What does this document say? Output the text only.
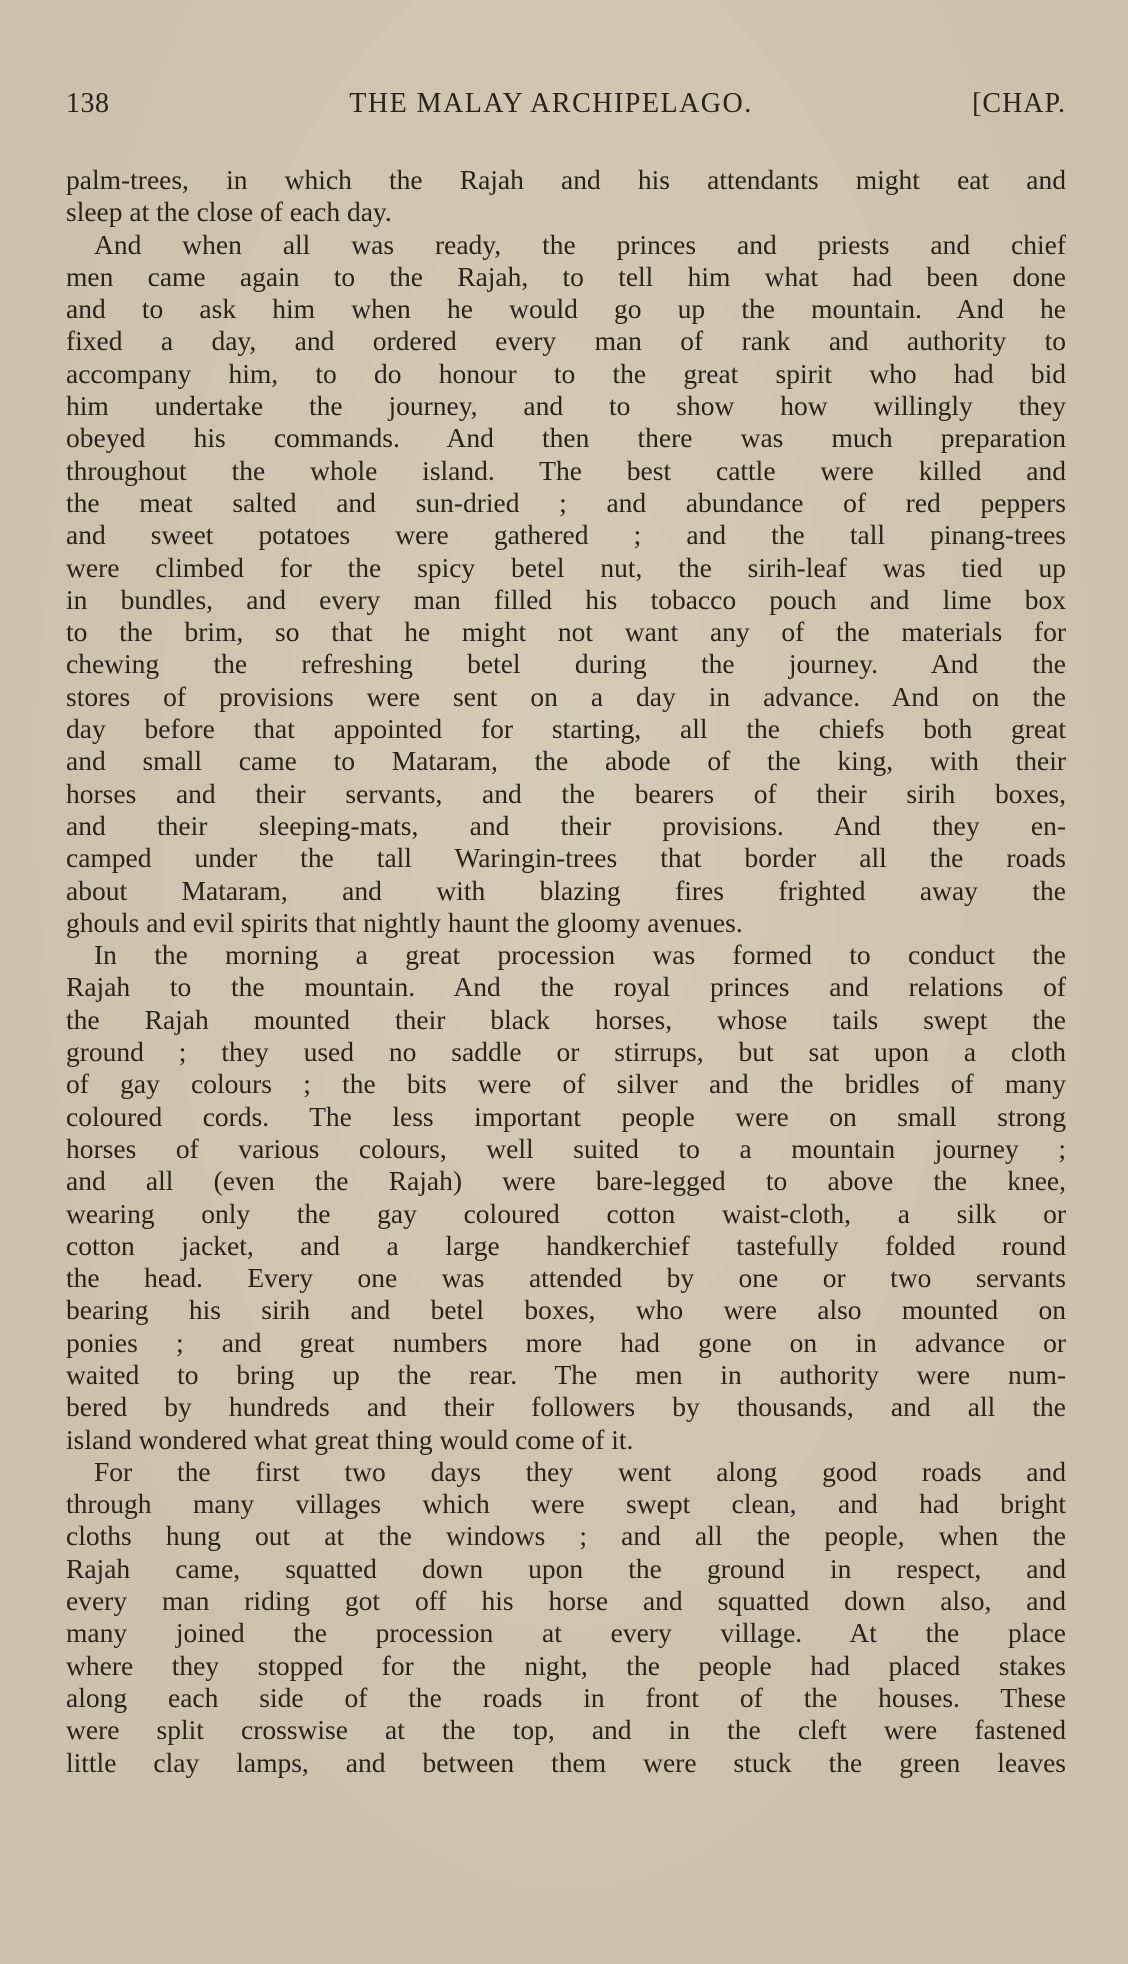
138	THE MALAY ARCHIPELAGO.	[CHAP.
palm-trees, in which the Rajah and his attendants might eat and
sleep at the close of each day.
And when all was ready, the princes and priests and chief
men came again to the Rajah, to tell him what had been done
and to ask him when he would go up the mountain. And he
fixed a day, and ordered every man of rank and authority to
accompany him, to do honour to the great spirit who had bid
him undertake the journey, and to show how willingly they
obeyed his commands. And then there was much preparation
throughout the whole island. The best cattle were killed and
the meat salted and sun-dried ; and abundance of red peppers
and sweet potatoes were gathered ; and the tall pinang-trees
were climbed for the spicy betel nut, the sirih-leaf was tied up
in bundles, and every man filled his tobacco pouch and lime box
to the brim, so that he might not want any of the materials for
chewing the refreshing betel during the journey. And the
stores of provisions were sent on a day in advance. And on the
day before that appointed for starting, all the chiefs both great
and small came to Mataram, the abode of the king, with their
horses and their servants, and the bearers of their sirih boxes,
and their sleeping-mats, and their provisions. And they en-
camped under the tall Waringin-trees that border all the roads
about Mataram, and with blazing fires frighted away the
ghouls and evil spirits that nightly haunt the gloomy avenues.
In the morning a great procession was formed to conduct the
Rajah to the mountain. And the royal princes and relations of
the Rajah mounted their black horses, whose tails swept the
ground ; they used no saddle or stirrups, but sat upon a cloth
of gay colours ; the bits were of silver and the bridles of many
coloured cords. The less important people were on small strong
horses of various colours, well suited to a mountain journey ;
and all (even the Rajah) were bare-legged to above the knee,
wearing only the gay coloured cotton waist-cloth, a silk or
cotton jacket, and a large handkerchief tastefully folded round
the head. Every one was attended by one or two servants
bearing his sirih and betel boxes, who were also mounted on
ponies ; and great numbers more had gone on in advance or
waited to bring up the rear. The men in authority were num-
bered by hundreds and their followers by thousands, and all the
island wondered what great thing would come of it.
For the first two days they went along good roads and
through many villages which were swept clean, and had bright
cloths hung out at the windows ; and all the people, when the
Rajah came, squatted down upon the ground in respect, and
every man riding got off his horse and squatted down also, and
many joined the procession at every village. At the place
where they stopped for the night, the people had placed stakes
along each side of the roads in front of the houses. These
were split crosswise at the top, and in the cleft were fastened
little clay lamps, and between them were stuck the green leaves
